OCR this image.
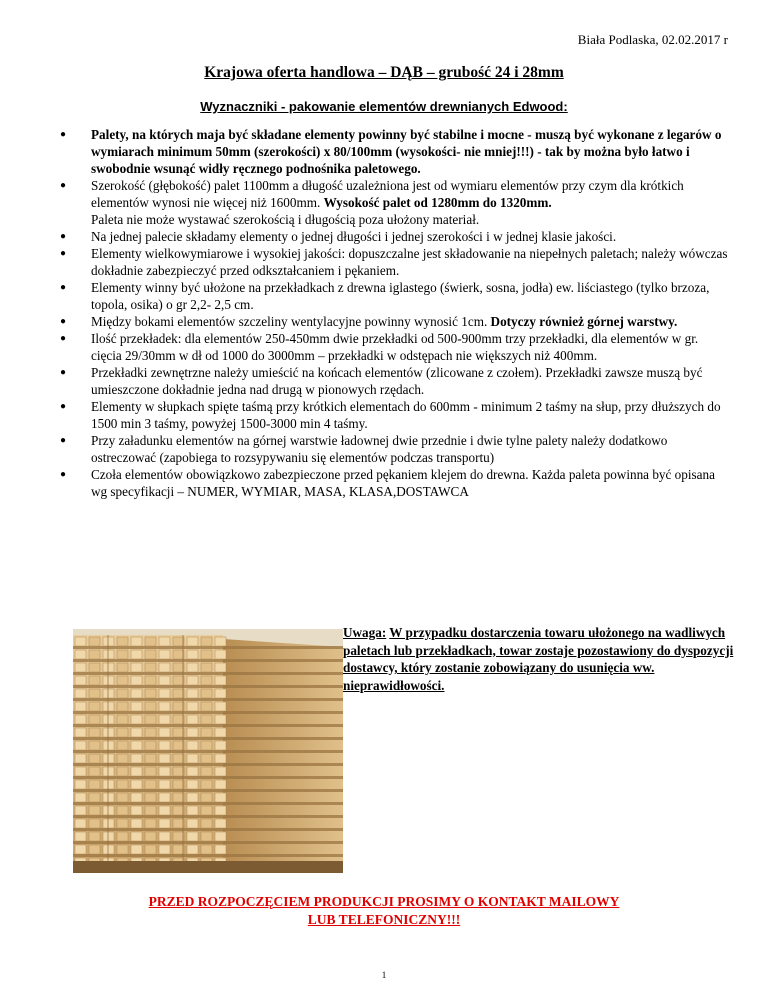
Biała Podlaska, 02.02.2017 r
Krajowa oferta handlowa – DĄB – grubość 24 i 28mm
Wyznaczniki - pakowanie elementów drewnianych Edwood:
● Palety, na których maja być składane elementy powinny być stabilne i mocne - muszą być wykonane z legarów o wymiarach minimum 50mm (szerokości) x 80/100mm (wysokości- nie mniej!!!) - tak by można było łatwo i swobodnie wsunąć widły ręcznego podnośnika paletowego.
● Szerokość (głębokość) palet 1100mm a długość uzależniona jest od wymiaru elementów przy czym dla krótkich elementów wynosi nie więcej niż 1600mm. Wysokość palet od 1280mm do 1320mm.
Paleta nie może wystawać szerokością i długością poza ułożony materiał.
● Na jednej palecie składamy elementy o jednej długości i jednej szerokości i w jednej klasie jakości.
● Elementy wielkowymiarowe i wysokiej jakości: dopuszczalne jest składowanie na niepełnych paletach; należy wówczas dokładnie zabezpieczyć przed odkształcaniem i pękaniem.
● Elementy winny być ułożone na przekładkach z drewna iglastego (świerk, sosna, jodła) ew. liściastego (tylko brzoza, topola, osika) o gr 2,2- 2,5 cm.
● Między bokami elementów szczeliny wentylacyjne powinny wynosić 1cm. Dotyczy również górnej warstwy.
● Ilość przekładek: dla elementów 250-450mm dwie przekładki od 500-900mm trzy przekładki, dla elementów w gr. cięcia 29/30mm w dł od 1000 do 3000mm – przekładki w odstępach nie większych niż 400mm.
● Przekładki zewnętrzne należy umieścić na końcach elementów (zlicowane z czołem). Przekładki zawsze muszą być umieszczone dokładnie jedna nad drugą w pionowych rzędach.
● Elementy w słupkach spięte taśmą przy krótkich elementach do 600mm - minimum 2 taśmy na słup, przy dłuższych do 1500 min 3 taśmy, powyżej 1500-3000 min 4 taśmy.
● Przy załadunku elementów na górnej warstwie ładownej dwie przednie i dwie tylne palety należy dodatkowo ostreczować (zapobiega to rozsypywaniu się elementów podczas transportu)
● Czoła elementów obowiązkowo zabezpieczone przed pękaniem klejem do drewna. Każda paleta powinna być opisana wg specyfikacji – NUMER, WYMIAR, MASA, KLASA,DOSTAWCA
Uwaga: W przypadku dostarczenia towaru ułożonego na wadliwych paletach lub przekładkach, towar zostaje pozostawiony do dyspozycji dostawcy, który zostanie zobowiązany do usunięcia ww. nieprawidłowości.
PRZED ROZPOCZĘCIEM PRODUKCJI PROSIMY O KONTAKT MAILOWY
LUB TELEFONICZNY!!!
1
